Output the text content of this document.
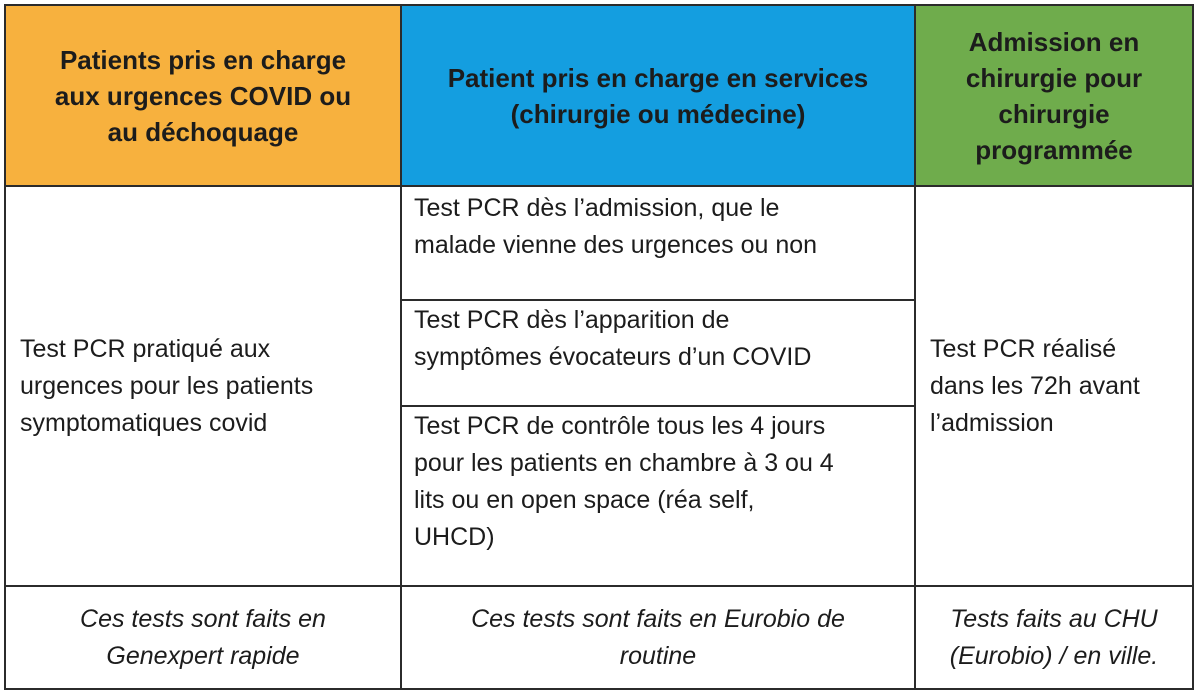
Patients pris en charge
aux urgences COVID ou
au déchoquage
Patient pris en charge en services
(chirurgie ou médecine)
Admission en
chirurgie pour
chirurgie
programmée
Test PCR pratiqué aux
urgences pour les patients
symptomatiques covid
Test PCR dès l’admission, que le
malade vienne des urgences ou non
Test PCR dès l’apparition de
symptômes évocateurs d’un COVID
Test PCR de contrôle tous les 4 jours
pour les patients en chambre à 3 ou 4
lits ou en open space (réa self,
UHCD)
Test PCR réalisé
dans les 72h avant
l’admission
Ces tests sont faits en
Genexpert rapide
Ces tests sont faits en Eurobio de
routine
Tests faits au CHU
(Eurobio) / en ville.
